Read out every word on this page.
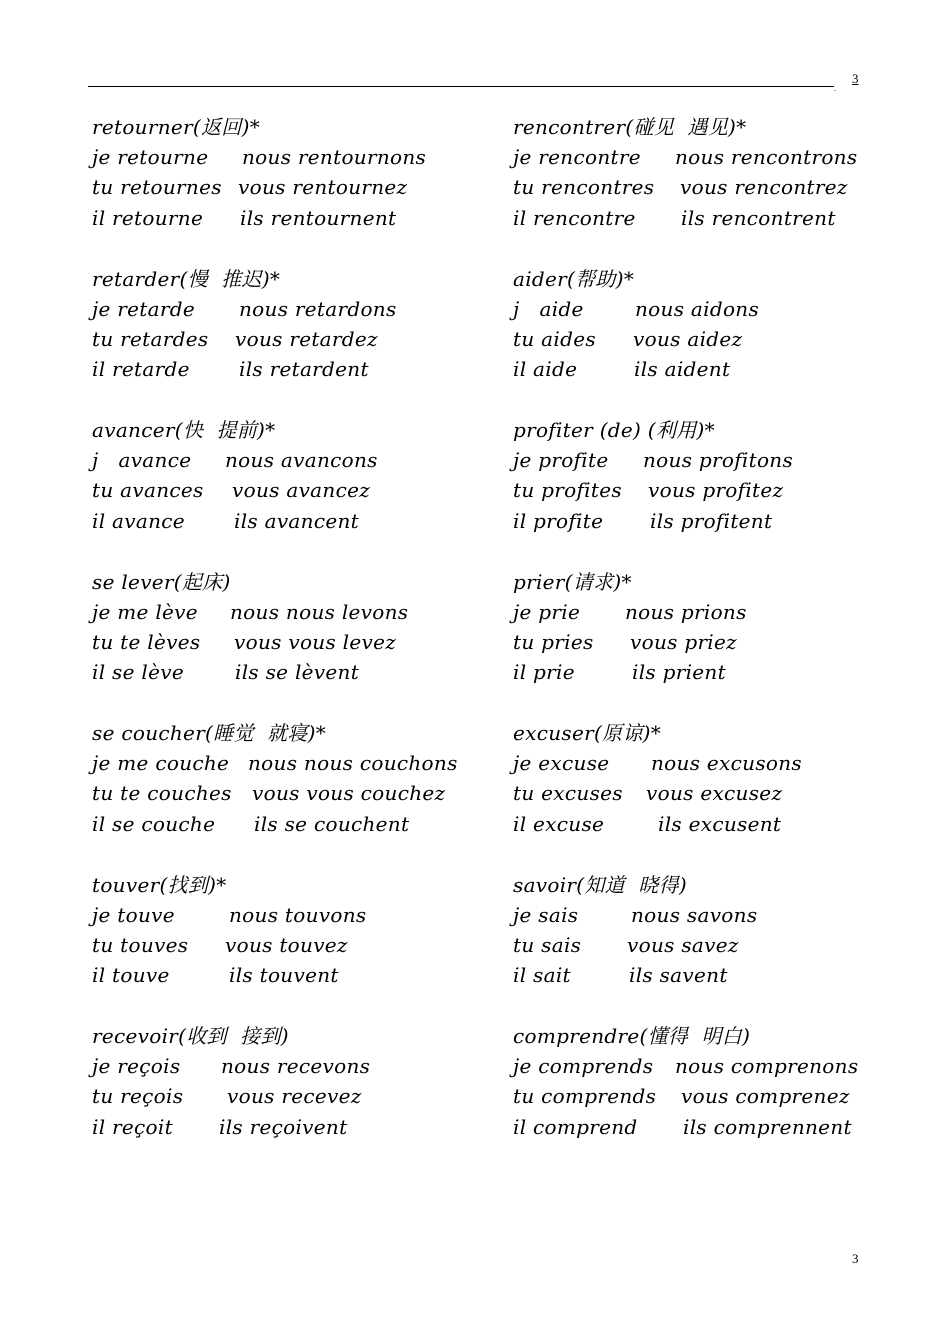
.
3
retourner(返回)*
je retourne nous rentournons
tu retournes vous rentournez
il retourne ils rentournent
retarder(慢  推迟)*
je retarde nous retardons
tu retardes vous retardez
il retarde ils retardent
avancer(快  提前)*
j   avance nous avancons
tu avances vous avancez
il avance ils avancent
se lever(起床)
je me lève nous nous levons
tu te lèves vous vous levez
il se lève	ils se lèvent
se coucher(睡觉  就寝)*
je me couche nous nous couchons
tu te couches vous vous couchez
il se couche ils se couchent
touver(找到)*
je touve	nous touvons
tu touves vous touvez
il touve	ils touvent
recevoir(收到  接到)
je reçois nous recevons
tu reçois vous recevez
il reçoit ils reçoivent
rencontrer(碰见  遇见)*
je rencontre nous rencontrons
tu rencontres vous rencontrez
il rencontre ils rencontrent
aider(帮助)*
j   aide	nous aidons
tu aides vous aidez
il aide	ils aident
profiter (de) (利用)*
je profite nous profitons
tu profites vous profitez
il profite ils profitent
prier(请求)*
je prie nous prions
tu pries vous priez
il prie	ils prient
excuser(原谅)*
je excuse nous excusons
tu excuses vous excusez
il excuse	ils excusent
savoir(知道  晓得)
je sais	nous savons
tu sais vous savez
il sait	ils savent
comprendre(懂得  明白)
je comprends nous comprenons
tu comprends vous comprenez
il comprend ils comprennent
3
